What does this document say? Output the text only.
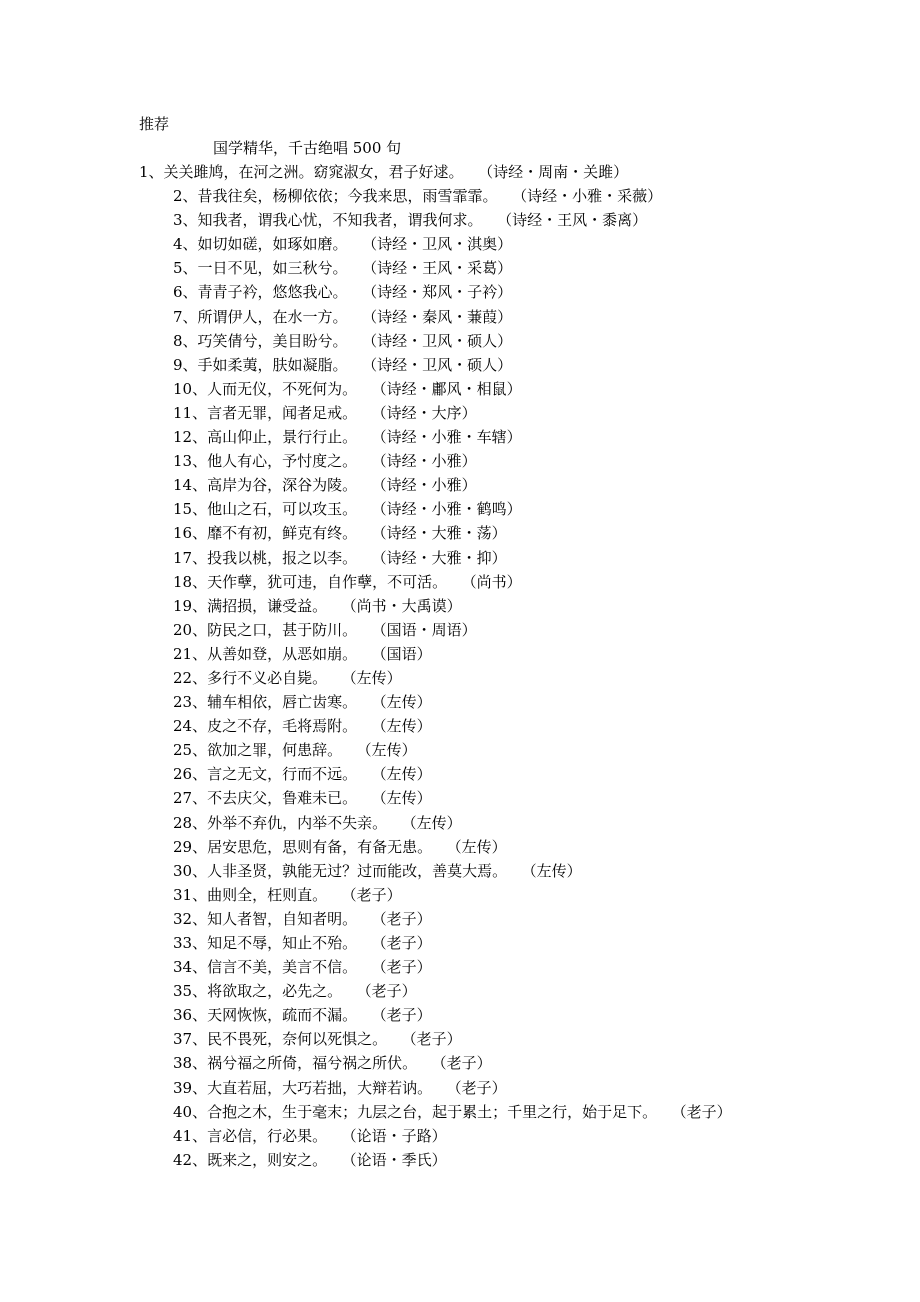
推荐
国学精华，千古绝唱 500 句
1、关关雎鸠，在河之洲。窈窕淑女，君子好逑。 （诗经・周南・关雎）
2、昔我往矣，杨柳依依；今我来思，雨雪霏霏。 （诗经・小雅・采薇）
3、知我者，谓我心忧，不知我者，谓我何求。 （诗经・王风・黍离）
4、如切如磋，如琢如磨。 （诗经・卫风・淇奥）
5、一日不见，如三秋兮。 （诗经・王风・采葛）
6、青青子衿，悠悠我心。 （诗经・郑风・子衿）
7、所谓伊人，在水一方。 （诗经・秦风・蒹葭）
8、巧笑倩兮，美目盼兮。 （诗经・卫风・硕人）
9、手如柔荑，肤如凝脂。 （诗经・卫风・硕人）
10、人而无仪，不死何为。 （诗经・鄘风・相鼠）
11、言者无罪，闻者足戒。 （诗经・大序）
12、高山仰止，景行行止。 （诗经・小雅・车辖）
13、他人有心，予忖度之。 （诗经・小雅）
14、高岸为谷，深谷为陵。 （诗经・小雅）
15、他山之石，可以攻玉。 （诗经・小雅・鹤鸣）
16、靡不有初，鲜克有终。 （诗经・大雅・荡）
17、投我以桃，报之以李。 （诗经・大雅・抑）
18、天作孽，犹可违，自作孽，不可活。 （尚书）
19、满招损，谦受益。 （尚书・大禹谟）
20、防民之口，甚于防川。 （国语・周语）
21、从善如登，从恶如崩。 （国语）
22、多行不义必自毙。 （左传）
23、辅车相依，唇亡齿寒。 （左传）
24、皮之不存，毛将焉附。 （左传）
25、欲加之罪，何患辞。 （左传）
26、言之无文，行而不远。 （左传）
27、不去庆父，鲁难未已。 （左传）
28、外举不弃仇，内举不失亲。 （左传）
29、居安思危，思则有备，有备无患。 （左传）
30、人非圣贤，孰能无过？过而能改，善莫大焉。 （左传）
31、曲则全，枉则直。 （老子）
32、知人者智，自知者明。 （老子）
33、知足不辱，知止不殆。 （老子）
34、信言不美，美言不信。 （老子）
35、将欲取之，必先之。 （老子）
36、天网恢恢，疏而不漏。 （老子）
37、民不畏死，奈何以死惧之。 （老子）
38、祸兮福之所倚，福兮祸之所伏。 （老子）
39、大直若屈，大巧若拙，大辩若讷。 （老子）
40、合抱之木，生于毫末；九层之台，起于累土；千里之行，始于足下。 （老子）
41、言必信，行必果。 （论语・子路）
42、既来之，则安之。 （论语・季氏）
